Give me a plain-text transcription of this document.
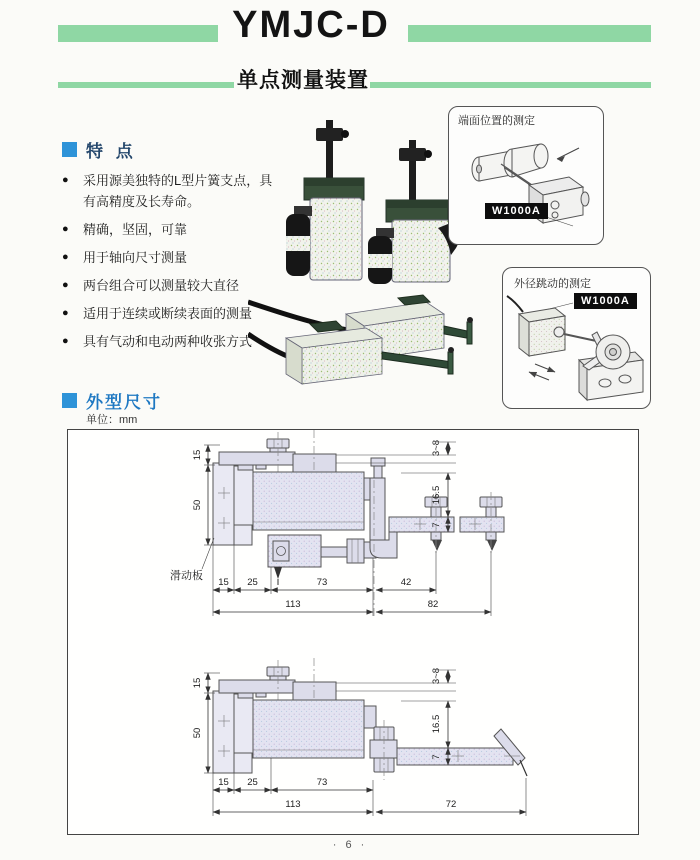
YMJC-D
单点测量装置
特 点
● 采用源美独特的L型片簧支点，具有高精度及长寿命。
● 精确，坚固，可靠
● 用于轴向尺寸测量
● 两台组合可以测量较大直径
● 适用于连续或断续表面的测量
● 具有气动和电动两种收张方式
端面位置的测定
W1000A
外径跳动的测定
W1000A
外型尺寸
单位：mm
3~8
16.5
7
15
50
15 25	73	42
113	82
滑动板
3~8
16.5
7
15
50
15 25	73
113	72
· 6 ·
